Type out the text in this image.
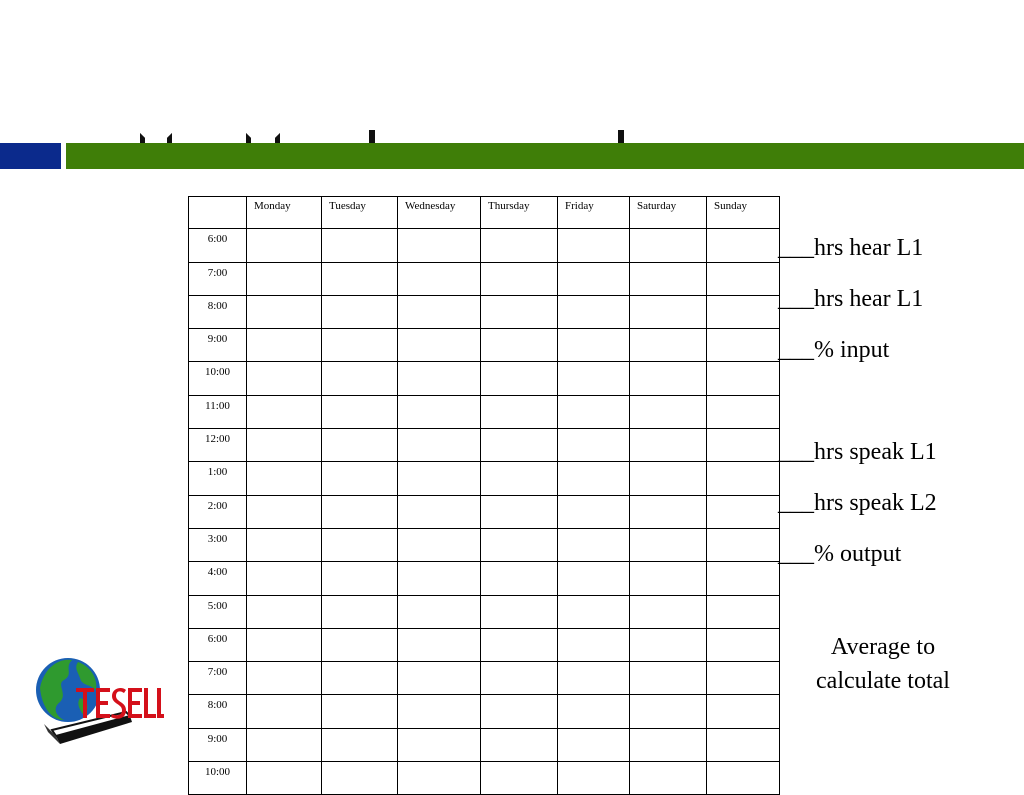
	Monday	Tuesday	Wednesday	Thursday	Friday	Saturday	Sunday
6:00							
7:00							
8:00							
9:00							
10:00							
11:00							
12:00							
1:00							
2:00							
3:00							
4:00							
5:00							
6:00							
7:00							
8:00							
9:00							
10:00							
___hrs hear L1
___hrs hear L1
___% input
___hrs speak L1
___hrs speak L2
___% output
Average to
calculate total
